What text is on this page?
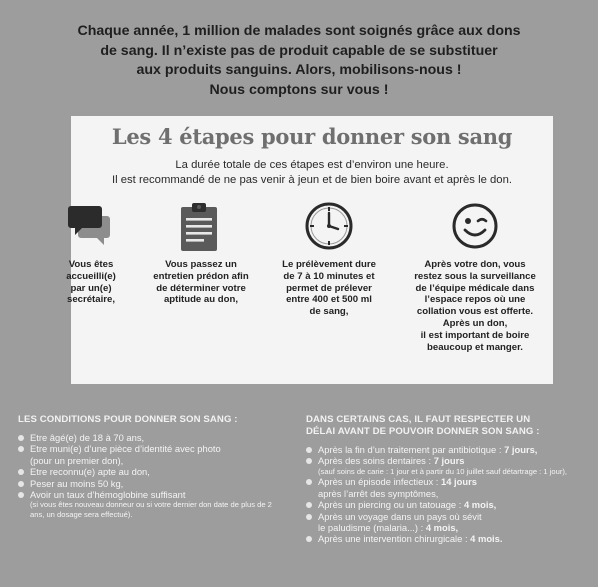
Chaque année, 1 million de malades sont soignés grâce aux dons
de sang. Il n’existe pas de produit capable de se substituer
aux produits sanguins. Alors, mobilisons-nous !
Nous comptons sur vous !
Les 4 étapes pour donner son sang
La durée totale de ces étapes est d’environ une heure.
Il est recommandé de ne pas venir à jeun et de bien boire avant et après le don.
Vous êtes
accueilli(e)
par un(e)
secrétaire,
Vous passez un
entretien prédon afin
de déterminer votre
aptitude au don,
Le prélèvement dure
de 7 à 10 minutes et
permet de prélever
entre 400 et 500 ml
de sang,
Après votre don, vous
restez sous la surveillance
de l’équipe médicale dans
l’espace repos où une
collation vous est offerte.
Après un don,
il est important de boire
beaucoup et manger.
LES CONDITIONS POUR DONNER SON SANG :
Etre âgé(e) de 18 à 70 ans,
Etre muni(e) d’une pièce d’identité avec photo
(pour un premier don),
Etre reconnu(e) apte au don,
Peser au moins 50 kg,
Avoir un taux d’hémoglobine suffisant
(si vous êtes nouveau donneur ou si votre dernier don date de plus de 2 ans, un dosage sera effectué).
DANS CERTAINS CAS, IL FAUT RESPECTER UN
DÉLAI AVANT DE POUVOIR DONNER SON SANG :
Après la fin d’un traitement par antibiotique : 7 jours,
Après des soins dentaires : 7 jours
(sauf soins de carie : 1 jour et à partir du 10 juillet sauf détartrage : 1 jour),
Après un épisode infectieux : 14 jours
après l’arrêt des symptômes,
Après un piercing ou un tatouage : 4 mois,
Après un voyage dans un pays où sévit
le paludisme (malaria...) : 4 mois,
Après une intervention chirurgicale : 4 mois.
